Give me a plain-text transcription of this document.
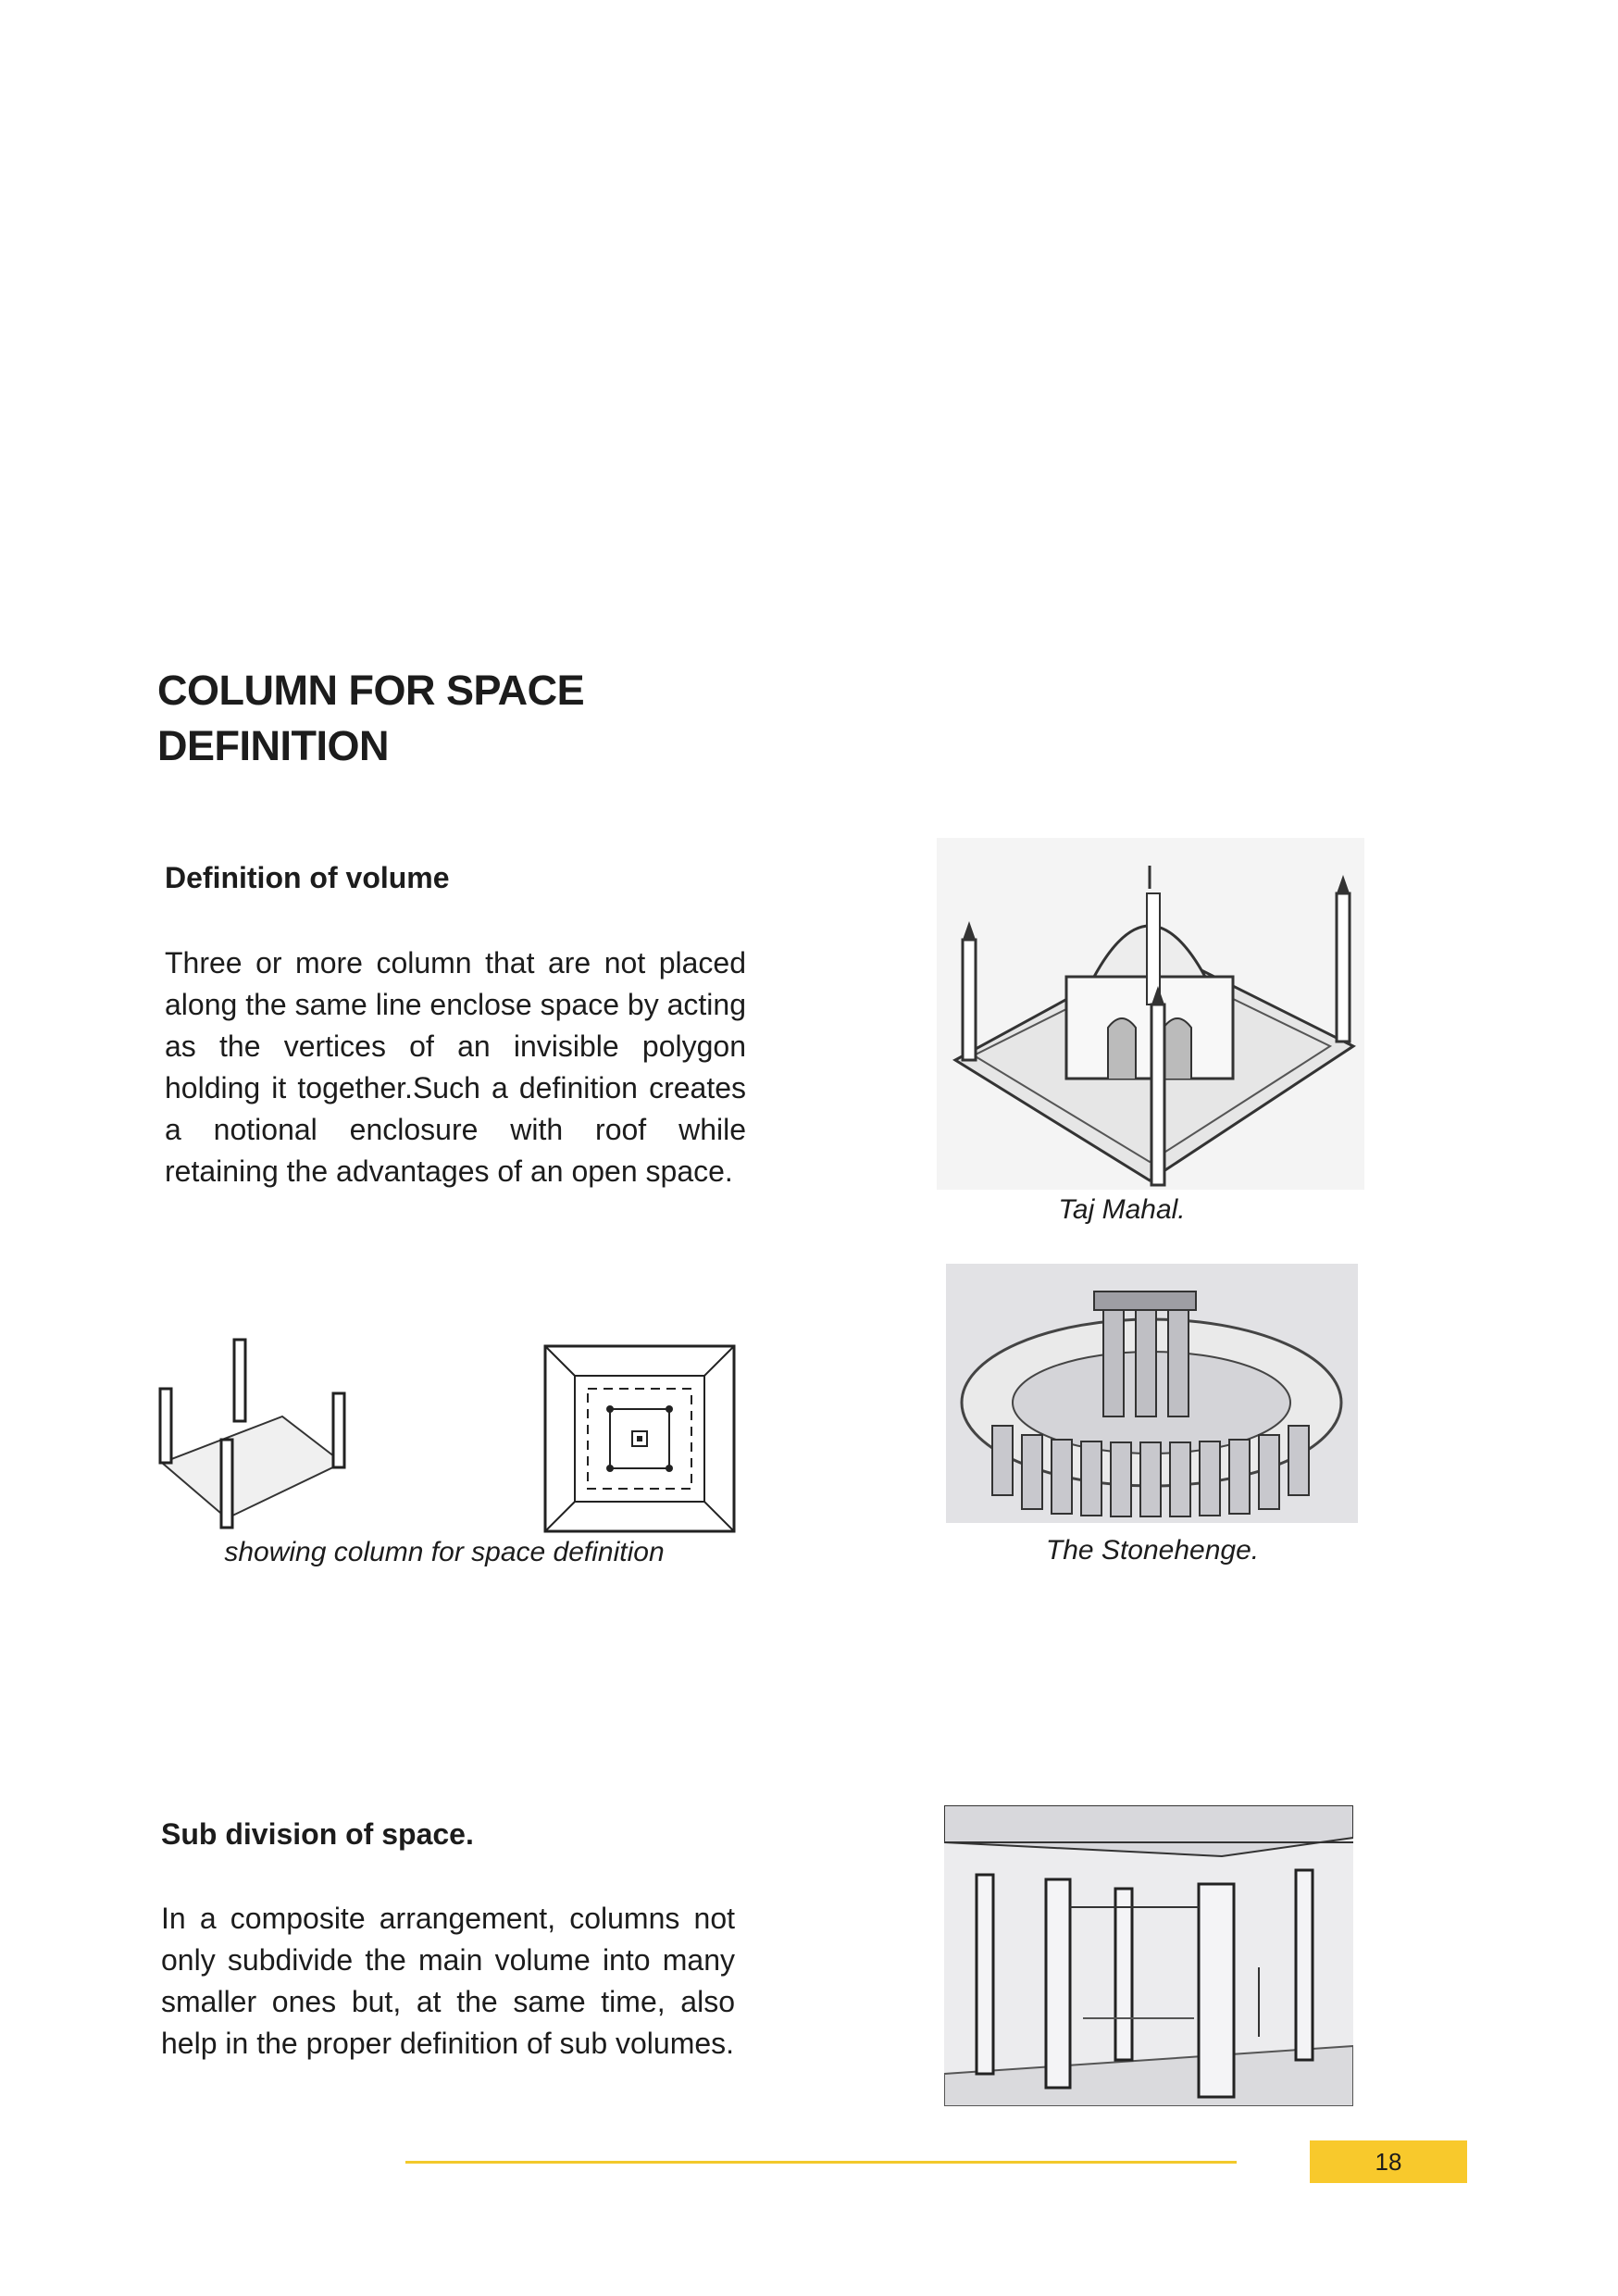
COLUMN FOR SPACE DEFINITION
Definition of volume

Three or more column that are not placed along the same line enclose space by acting as the vertices of an invisible polygon holding it together.Such a definition creates a notional enclosure with roof while retaining the advantages of an open space.

Taj Mahal.

The Stonehenge.

showing column for space definition

Sub division of space.

In a composite arrangement, columns not only subdivide the main volume into many smaller ones but, at the same time, also help in the proper definition of sub volumes.

18
